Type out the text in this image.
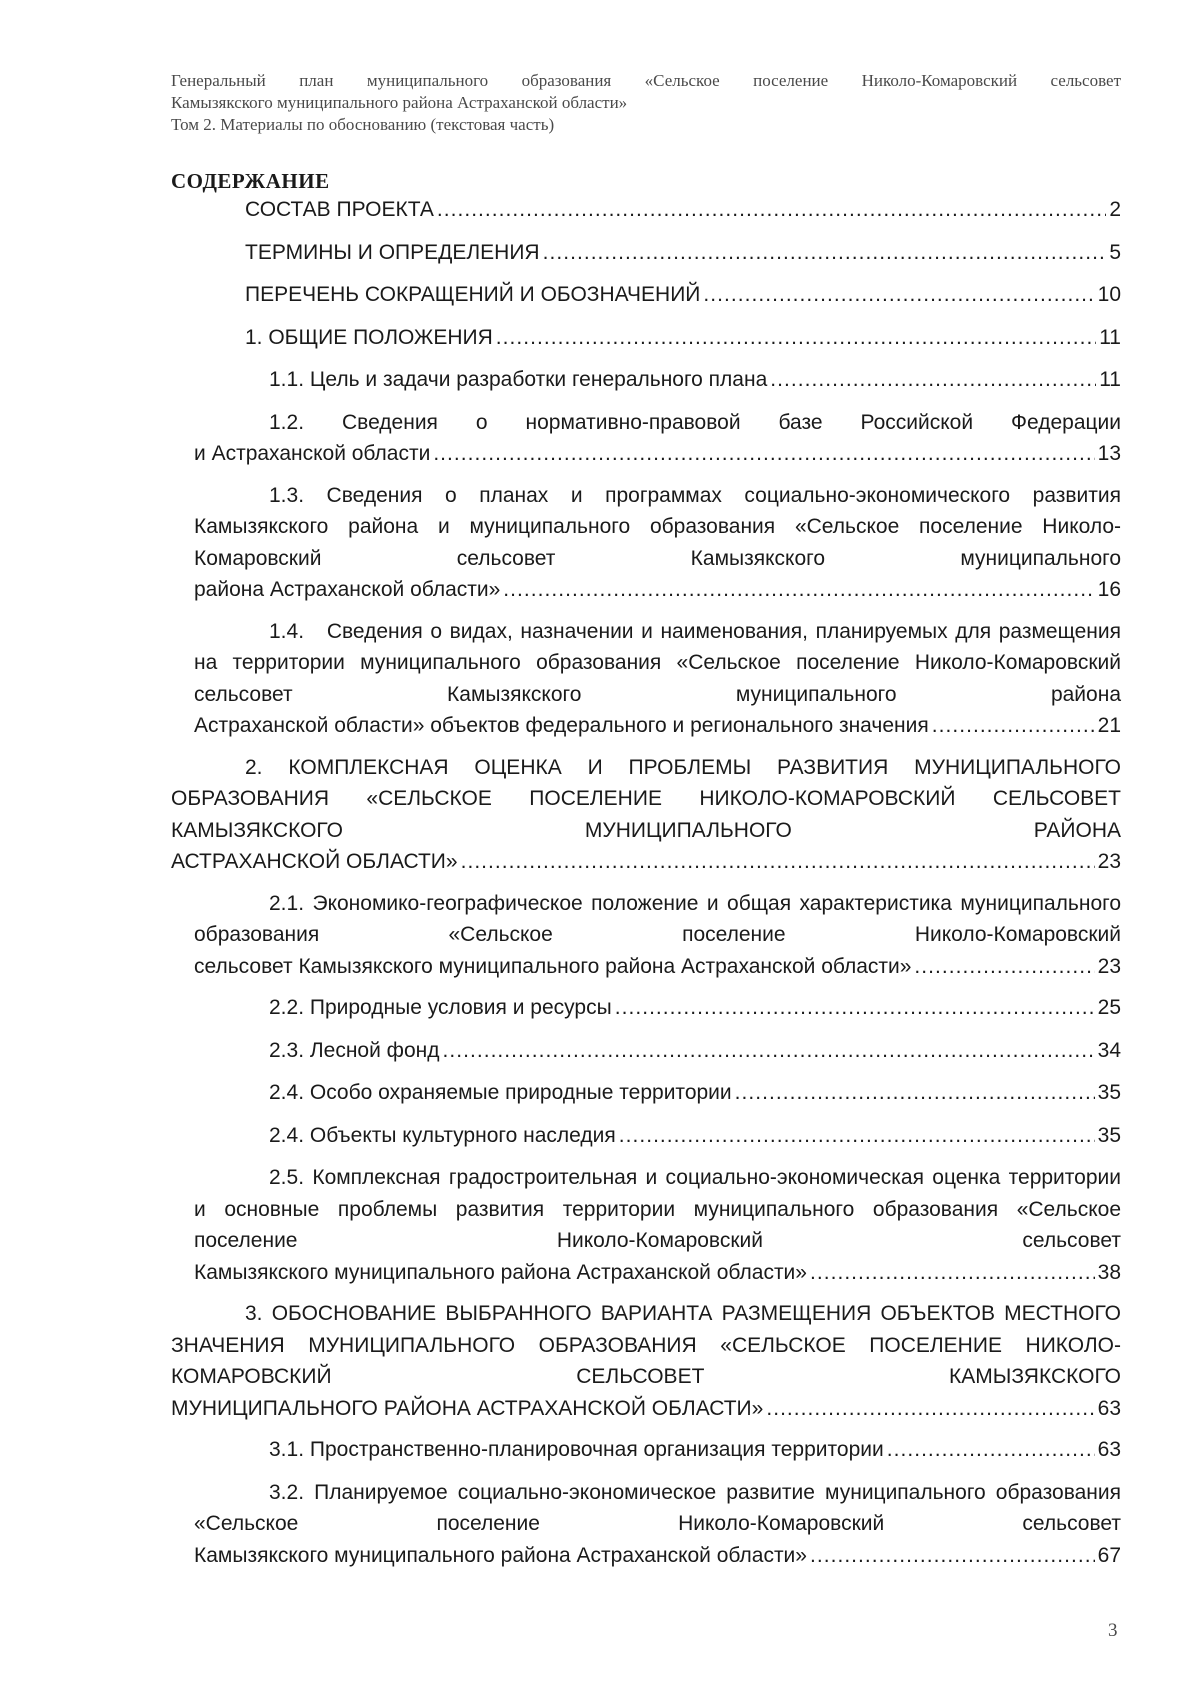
Генеральный план муниципального образования «Сельское поселение Николо-Комаровский сельсовет
Камызякского муниципального района Астраханской области»
Том 2. Материалы по обоснованию (текстовая часть)
СОДЕРЖАНИЕ
СОСТАВ ПРОЕКТА . . .	2
ТЕРМИНЫ И ОПРЕДЕЛЕНИЯ . . .	5
ПЕРЕЧЕНЬ СОКРАЩЕНИЙ И ОБОЗНАЧЕНИЙ . . .	10
1. ОБЩИЕ ПОЛОЖЕНИЯ . . .	11
1.1. Цель и задачи разработки генерального плана . . .	11
1.2. Сведения о нормативно-правовой базе Российской Федерации
и Астраханской области . . .	13
1.3. Сведения о планах и программах социально-экономического развития Камызякского района и муниципального образования «Сельское поселение Николо-Комаровский сельсовет Камызякского муниципального
района Астраханской области» . . .	16
1.4.   Сведения о видах, назначении и наименования, планируемых для размещения на территории муниципального образования «Сельское поселение Николо-Комаровский сельсовет Камызякского муниципального района
Астраханской области» объектов федерального и регионального значения . . .	21
2. КОМПЛЕКСНАЯ ОЦЕНКА И ПРОБЛЕМЫ РАЗВИТИЯ МУНИЦИПАЛЬНОГО ОБРАЗОВАНИЯ «СЕЛЬСКОЕ ПОСЕЛЕНИЕ НИКОЛО-КОМАРОВСКИЙ СЕЛЬСОВЕТ КАМЫЗЯКСКОГО МУНИЦИПАЛЬНОГО РАЙОНА
АСТРАХАНСКОЙ ОБЛАСТИ» . . .	23
2.1. Экономико-географическое положение и общая характеристика муниципального образования «Сельское поселение Николо-Комаровский
сельсовет Камызякского муниципального района Астраханской области» . . .	23
2.2. Природные условия и ресурсы . . .	25
2.3. Лесной фонд . . .	34
2.4. Особо охраняемые природные территории . . .	35
2.4. Объекты культурного наследия . . .	35
2.5. Комплексная градостроительная и социально-экономическая оценка территории и основные проблемы развития территории муниципального образования «Сельское поселение Николо-Комаровский сельсовет
Камызякского муниципального района Астраханской области» . . .	38
3. ОБОСНОВАНИЕ ВЫБРАННОГО ВАРИАНТА РАЗМЕЩЕНИЯ ОБЪЕКТОВ МЕСТНОГО ЗНАЧЕНИЯ МУНИЦИПАЛЬНОГО ОБРАЗОВАНИЯ «СЕЛЬСКОЕ ПОСЕЛЕНИЕ НИКОЛО-КОМАРОВСКИЙ СЕЛЬСОВЕТ КАМЫЗЯКСКОГО
МУНИЦИПАЛЬНОГО РАЙОНА АСТРАХАНСКОЙ ОБЛАСТИ» . . .	63
3.1. Пространственно-планировочная организация территории . . .	63
3.2. Планируемое социально-экономическое развитие муниципального образования «Сельское поселение Николо-Комаровский сельсовет
Камызякского муниципального района Астраханской области» . . .	67
3
